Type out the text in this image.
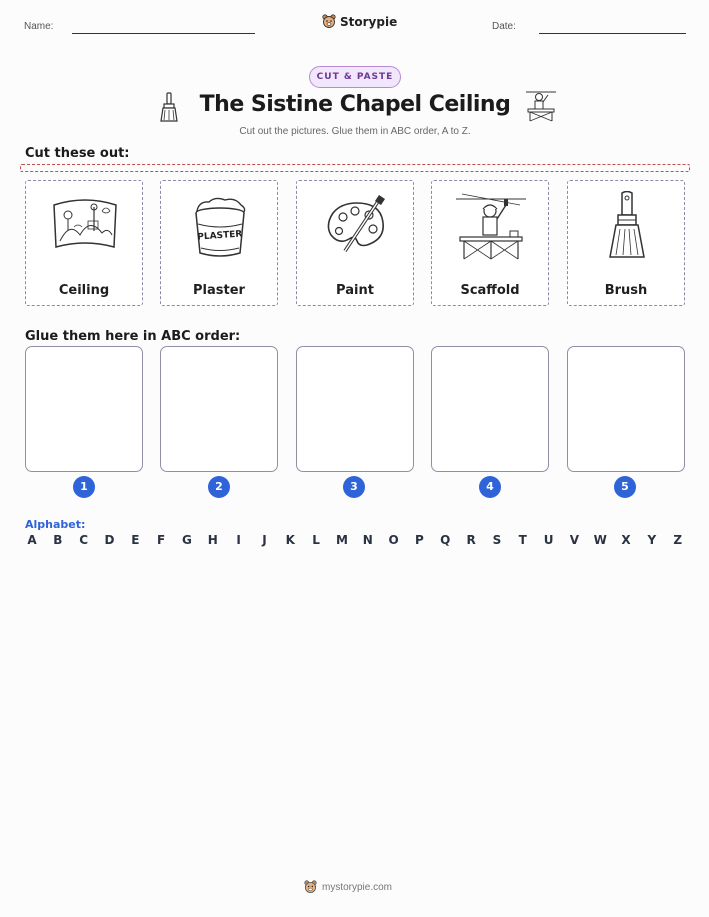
Name:	Storypie	Date:
CUT & PASTE
The Sistine Chapel Ceiling
Cut out the pictures. Glue them in ABC order, A to Z.
Cut these out:
Ceiling
PLASTER
Plaster	Paint	Scaffold	Brush
Glue them here in ABC order:
1	2	3	4	5
Alphabet:
A B C D E F G H	I	J	K L M N O P Q R S T U V W X Y Z
mystorypie.com
